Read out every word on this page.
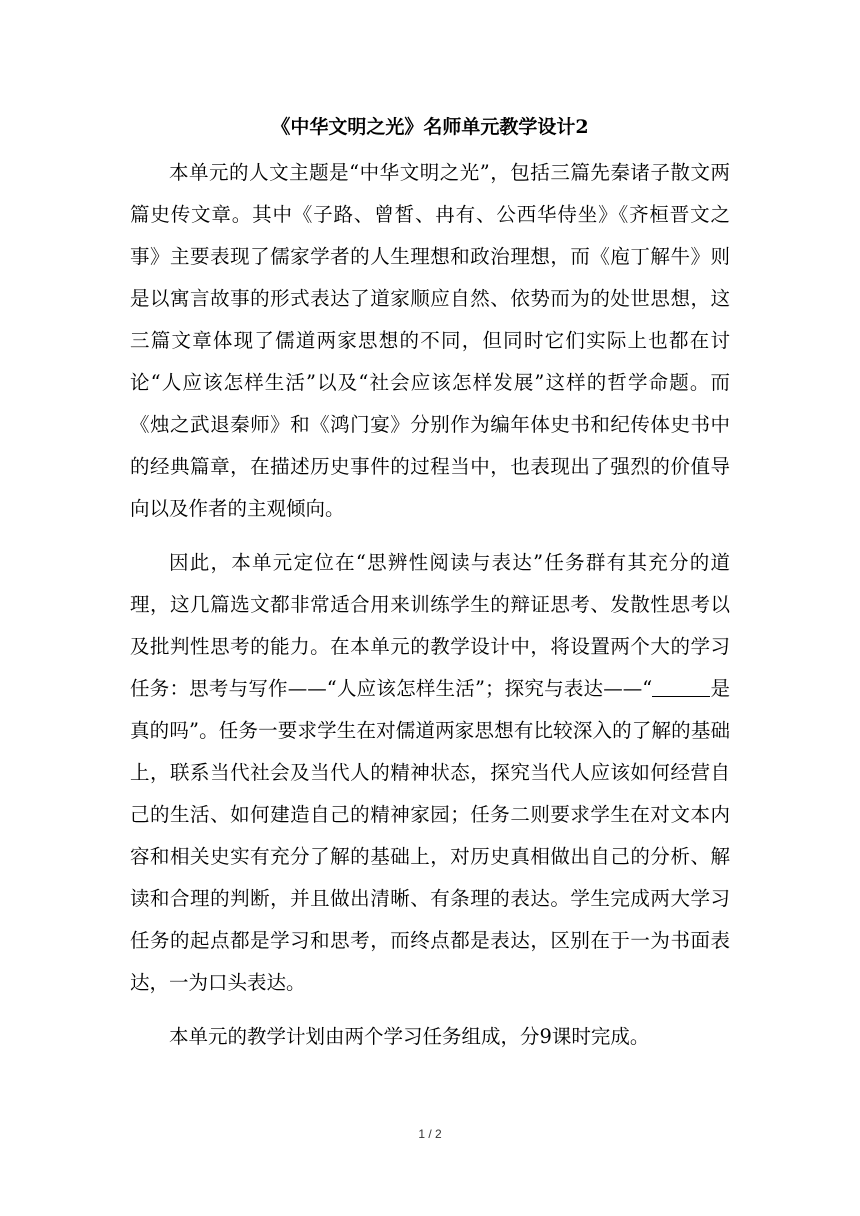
《中华文明之光》名师单元教学设计2

本单元的人文主题是“中华文明之光”，包括三篇先秦诸子散文两篇史传文章。其中《子路、曾皙、冉有、公西华侍坐》《齐桓晋文之事》主要表现了儒家学者的人生理想和政治理想，而《庖丁解牛》则是以寓言故事的形式表达了道家顺应自然、依势而为的处世思想，这三篇文章体现了儒道两家思想的不同，但同时它们实际上也都在讨论“人应该怎样生活”以及“社会应该怎样发展”这样的哲学命题。而《烛之武退秦师》和《鸿门宴》分别作为编年体史书和纪传体史书中的经典篇章，在描述历史事件的过程当中，也表现出了强烈的价值导向以及作者的主观倾向。

因此，本单元定位在“思辨性阅读与表达”任务群有其充分的道理，这几篇选文都非常适合用来训练学生的辩证思考、发散性思考以及批判性思考的能力。在本单元的教学设计中，将设置两个大的学习任务：思考与写作——“人应该怎样生活”；探究与表达——“	是真的吗”。任务一要求学生在对儒道两家思想有比较深入的了解的基础上，联系当代社会及当代人的精神状态，探究当代人应该如何经营自己的生活、如何建造自己的精神家园；任务二则要求学生在对文本内容和相关史实有充分了解的基础上，对历史真相做出自己的分析、解读和合理的判断，并且做出清晰、有条理的表达。学生完成两大学习任务的起点都是学习和思考，而终点都是表达，区别在于一为书面表达，一为口头表达。

本单元的教学计划由两个学习任务组成，分9课时完成。

1 / 2
